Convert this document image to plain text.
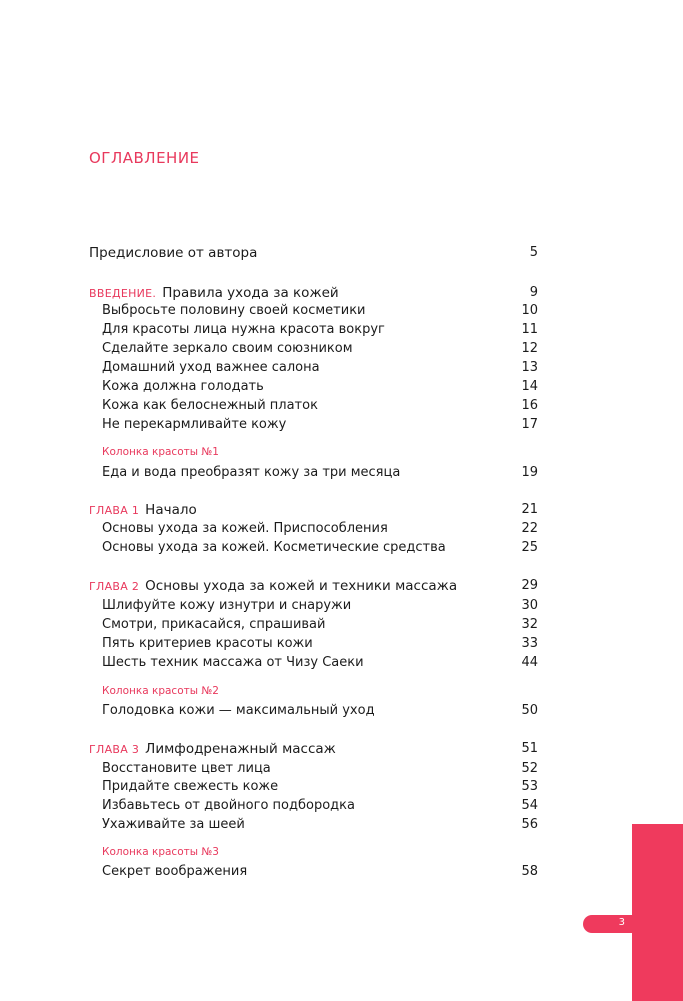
ОГЛАВЛЕНИЕ
Предисловие от автора	5
ВВЕДЕНИЕ. Правила ухода за кожей	9
Выбросьте половину своей косметики	10
Для красоты лица нужна красота вокруг	11
Сделайте зеркало своим союзником	12
Домашний уход важнее салона	13
Кожа должна голодать	14
Кожа как белоснежный платок	16
Не перекармливайте кожу	17
Колонка красоты №1
Еда и вода преобразят кожу за три месяца	19
ГЛАВА 1 Начало	21
Основы ухода за кожей. Приспособления	22
Основы ухода за кожей. Косметические средства	25
ГЛАВА 2 Основы ухода за кожей и техники массажа	29
Шлифуйте кожу изнутри и снаружи	30
Смотри, прикасайся, спрашивай	32
Пять критериев красоты кожи	33
Шесть техник массажа от Чизу Саеки	44
Колонка красоты №2
Голодовка кожи — максимальный уход	50
ГЛАВА 3 Лимфодренажный массаж	51
Восстановите цвет лица	52
Придайте свежесть коже	53
Избавьтесь от двойного подбородка	54
Ухаживайте за шеей	56
Колонка красоты №3
Секрет воображения	58
3
